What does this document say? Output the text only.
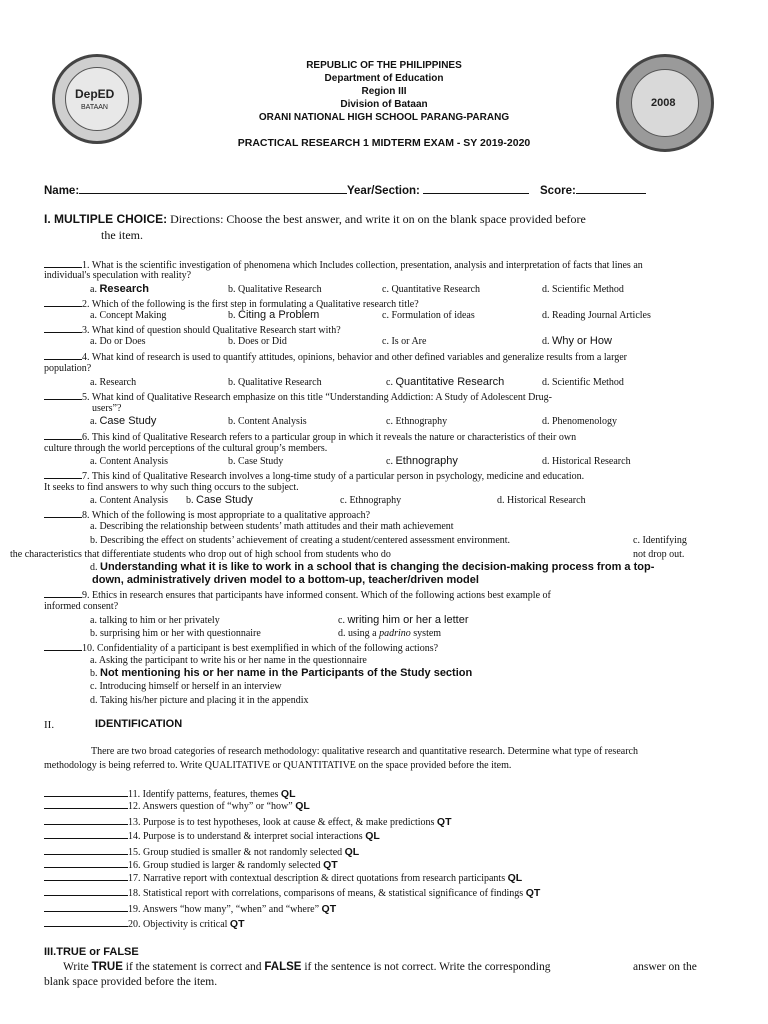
DepED
BATAAN	2008
REPUBLIC OF THE PHILIPPINES
Department of Education
Region III
Division of Bataan
ORANI NATIONAL HIGH SCHOOL PARANG-PARANG
PRACTICAL RESEARCH 1 MIDTERM EXAM - SY 2019-2020
Name:	Year/Section:	Score:
I. MULTIPLE CHOICE: Directions: Choose the best answer, and write it on on the blank space provided before
the item.
1. What is the scientific investigation of phenomena which Includes collection, presentation, analysis and interpretation of facts that lines an
individual's speculation with reality?
a. Research	b. Qualitative Research	c. Quantitative Research	d. Scientific Method
2. Which of the following is the first step in formulating a Qualitative research title?
a. Concept Making	b. Citing a Problem	c. Formulation of ideas	d. Reading Journal Articles
3. What kind of question should Qualitative Research start with?
a. Do or Does	b. Does or Did	c. Is or Are	d. Why or How
4. What kind of research is used to quantify attitudes, opinions, behavior and other defined variables and generalize results from a larger
population?
a. Research	b. Qualitative Research	c. Quantitative Research	d. Scientific Method
5. What kind of Qualitative Research emphasize on this title “Understanding Addiction: A Study of Adolescent Drug-
users”?
a. Case Study	b. Content Analysis	c. Ethnography	d. Phenomenology
6. This kind of Qualitative Research refers to a particular group in which it reveals the nature or characteristics of their own
culture through the world perceptions of the cultural group’s members.
a. Content Analysis	b. Case Study	c. Ethnography	d. Historical Research
7. This kind of Qualitative Research involves a long-time study of a particular person in psychology, medicine and education.
It seeks to find answers to why such thing occurs to the subject.
a. Content Analysis b. Case Study	c. Ethnography	d. Historical Research
8. Which of the following is most appropriate to a qualitative approach?
a. Describing the relationship between students’ math attitudes and their math achievement
b. Describing the effect on students’ achievement of creating a student/centered assessment environment.	c. Identifying
the characteristics that differentiate students who drop out of high school from students who do	not drop out.
d. Understanding what it is like to work in a school that is changing the decision-making process from a top-
down, administratively driven model to a bottom-up, teacher/driven model
9. Ethics in research ensures that participants have informed consent. Which of the following actions best example of
informed consent?
a. talking to him or her privately	c. writing him or her a letter
b. surprising him or her with questionnaire	d. using a padrino system
10. Confidentiality of a participant is best exemplified in which of the following actions?
a. Asking the participant to write his or her name in the questionnaire
b. Not mentioning his or her name in the Participants of the Study section
c. Introducing himself or herself in an interview
d. Taking his/her picture and placing it in the appendix
II.	IDENTIFICATION
There are two broad categories of research methodology: qualitative research and quantitative research. Determine what type of research
methodology is being referred to. Write QUALITATIVE or QUANTITATIVE on the space provided before the item.
11. Identify patterns, features, themes QL
12. Answers question of “why” or “how” QL
13. Purpose is to test hypotheses, look at cause & effect, & make predictions QT
14. Purpose is to understand & interpret social interactions QL
15. Group studied is smaller & not randomly selected QL
16. Group studied is larger & randomly selected QT
17. Narrative report with contextual description & direct quotations from research participants QL
18. Statistical report with correlations, comparisons of means, & statistical significance of findings QT
19. Answers “how many”, “when” and “where” QT
20. Objectivity is critical QT
III.TRUE or FALSE
Write TRUE if the statement is correct and FALSE if the sentence is not correct. Write the corresponding	answer on the
blank space provided before the item.
